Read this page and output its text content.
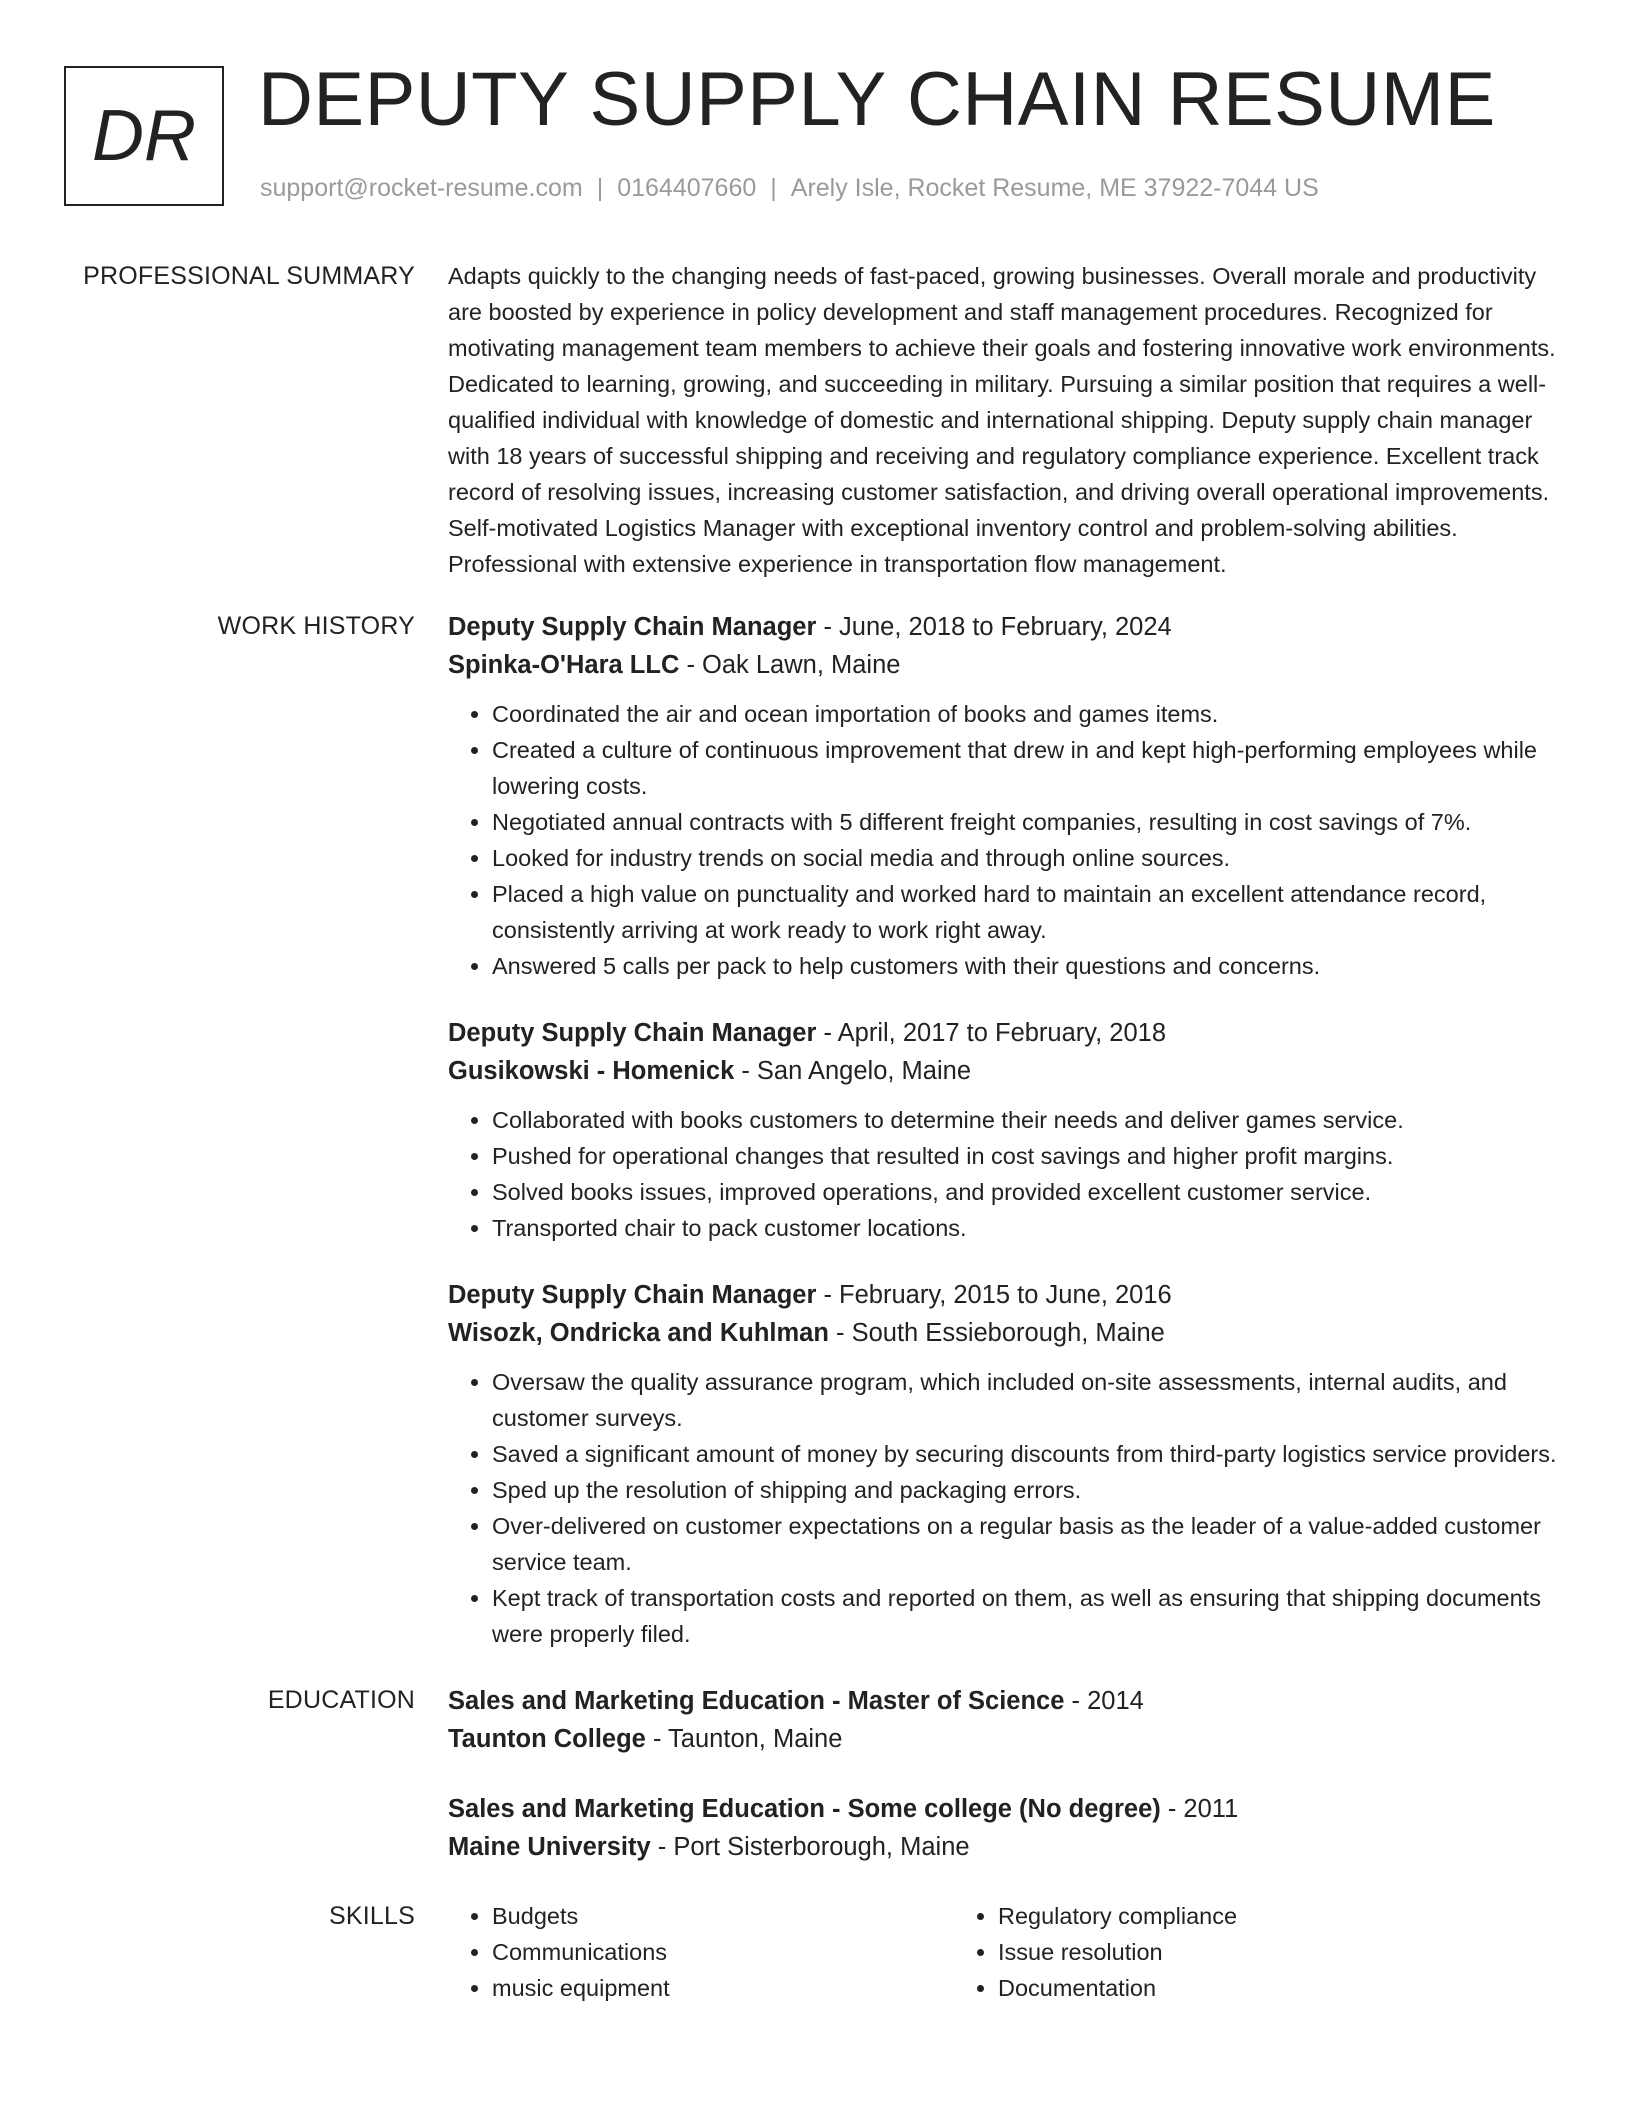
DR DEPUTY SUPPLY CHAIN RESUME
support@rocket-resume.com | 0164407660 | Arely Isle, Rocket Resume, ME 37922-7044 US
PROFESSIONAL SUMMARY Adapts quickly to the changing needs of fast-paced, growing businesses. Overall morale and productivity are boosted by experience in policy development and staff management procedures. Recognized for motivating management team members to achieve their goals and fostering innovative work environments. Dedicated to learning, growing, and succeeding in military. Pursuing a similar position that requires a well-qualified individual with knowledge of domestic and international shipping. Deputy supply chain manager with 18 years of successful shipping and receiving and regulatory compliance experience. Excellent track record of resolving issues, increasing customer satisfaction, and driving overall operational improvements. Self-motivated Logistics Manager with exceptional inventory control and problem-solving abilities. Professional with extensive experience in transportation flow management.

WORK HISTORY Deputy Supply Chain Manager - June, 2018 to February, 2024
Spinka-O'Hara LLC - Oak Lawn, Maine
• Coordinated the air and ocean importation of books and games items.
• Created a culture of continuous improvement that drew in and kept high-performing employees while lowering costs.
• Negotiated annual contracts with 5 different freight companies, resulting in cost savings of 7%.
• Looked for industry trends on social media and through online sources.
• Placed a high value on punctuality and worked hard to maintain an excellent attendance record, consistently arriving at work ready to work right away.
• Answered 5 calls per pack to help customers with their questions and concerns.
Deputy Supply Chain Manager - April, 2017 to February, 2018
Gusikowski - Homenick - San Angelo, Maine
• Collaborated with books customers to determine their needs and deliver games service.
• Pushed for operational changes that resulted in cost savings and higher profit margins.
• Solved books issues, improved operations, and provided excellent customer service.
• Transported chair to pack customer locations.
Deputy Supply Chain Manager - February, 2015 to June, 2016
Wisozk, Ondricka and Kuhlman - South Essieborough, Maine
• Oversaw the quality assurance program, which included on-site assessments, internal audits, and customer surveys.
• Saved a significant amount of money by securing discounts from third-party logistics service providers.
• Sped up the resolution of shipping and packaging errors.
• Over-delivered on customer expectations on a regular basis as the leader of a value-added customer service team.
• Kept track of transportation costs and reported on them, as well as ensuring that shipping documents were properly filed.
EDUCATION Sales and Marketing Education - Master of Science - 2014
Taunton College - Taunton, Maine
Sales and Marketing Education - Some college (No degree) - 2011
Maine University - Port Sisterborough, Maine
SKILLS
•	Budgets
• Communications
• music equipment
• Regulatory compliance
• Issue resolution
• Documentation
